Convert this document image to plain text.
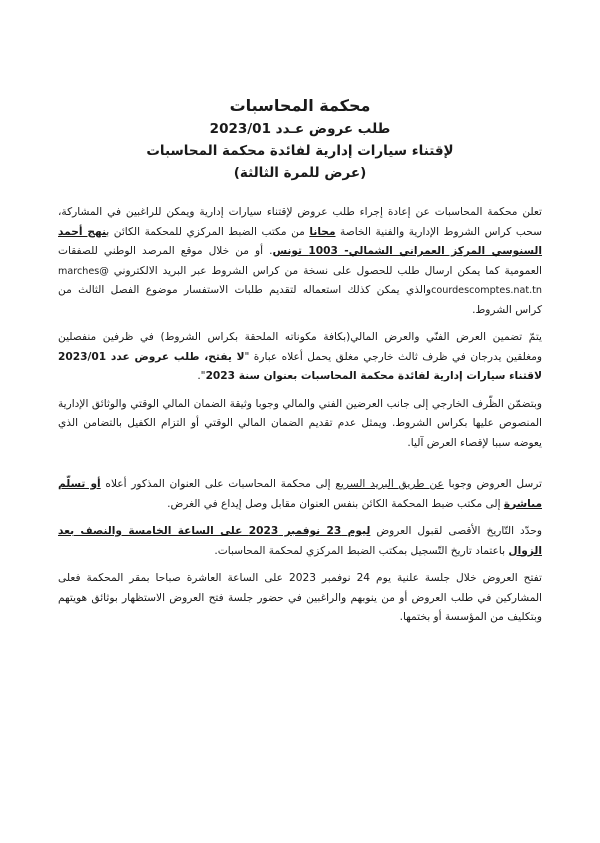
محكمة المحاسبات
طلب عروض عـدد 2023/01
لإقتناء سيارات إدارية لفائدة محكمة المحاسبات
(عرض للمرة الثالثة)

تعلن محكمة المحاسبات عن إعادة إجراء طلب عروض لإقتناء سيارات إدارية ويمكن للراغبين في المشاركة، سحب كراس الشروط الإدارية والفنية الخاصة مجانا من مكتب الضبط المركزي للمحكمة الكائن بنهج أحمد السنوسي المركز العمراني الشمالي- 1003 تونس. أو من خلال موقع المرصد الوطني للصفقات العمومية كما يمكن ارسال طلب للحصول على نسخة من كراس الشروط عبر البريد الالكتروني marches@ courdescomptes.nat.tnوالذي يمكن كذلك استعماله لتقديم طلبات الاستفسار موضوع الفصل الثالث من كراس الشروط.

يتمّ تضمين العرض الفنّي والعرض المالي(بكافة مكوناته الملحقة بكراس الشروط) في ظرفين منفصلين ومغلقين يدرجان في ظرف ثالث خارجي مغلق يحمل أعلاه عبارة "لا يفتح، طلب عروض عدد 2023/01 لاقتناء سيارات إدارية لفائدة محكمة المحاسبات بعنوان سنة 2023".

وبتضمّن الظّرف الخارجي إلى جانب العرضين الفني والمالي وجوبا وثيقة الضمان المالي الوقتي والوثائق الإدارية المنصوص عليها بكراس الشروط. ويمثل عدم تقديم الضمان المالي الوقتي أو التزام الكفيل بالتضامن الذي يعوضه سببا لإقصاء العرض آليا.

ترسل العروض وجوبا عن طريق البريد السريع إلى محكمة المحاسبات على العنوان المذكور أعلاه أو تسلّم مباشرة إلى مكتب ضبط المحكمة الكائن بنفس العنوان مقابل وصل إيداع في الغرض.

وحدّد التّاريخ الأقصى لقبول العروض ليوم 23 نوفمبر 2023 على الساعة الخامسة والنصف بعد الزوال باعتماد تاريخ التّسجيل بمكتب الضبط المركزي لمحكمة المحاسبات.

تفتح العروض خلال جلسة علنية يوم 24 نوفمبر 2023 على الساعة العاشرة صباحا بمقر المحكمة فعلى المشاركين في طلب العروض أو من ينوبهم والراغبين في حضور جلسة فتح العروض الاستظهار بوثائق هويتهم وبتكليف من المؤسسة أو بختمها.
